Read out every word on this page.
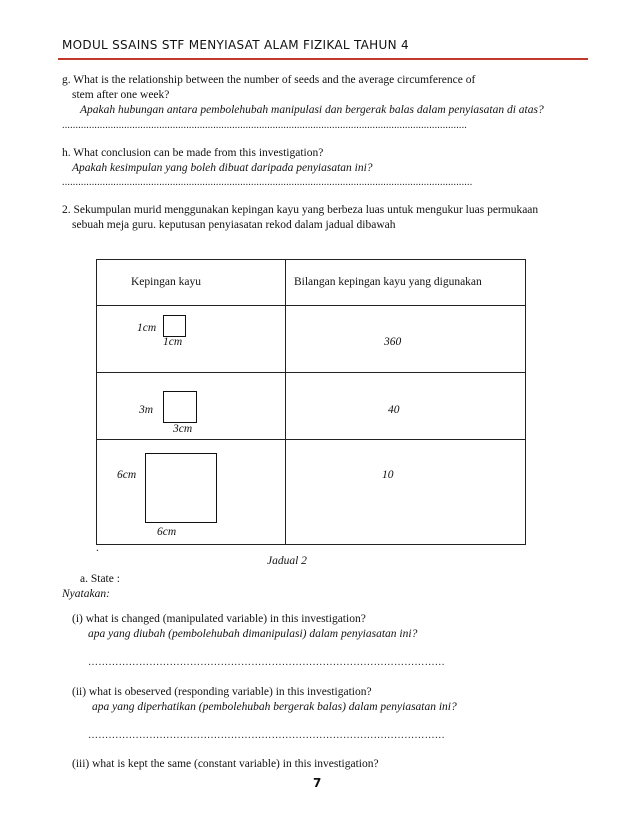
MODUL SSAINS STF MENYIASAT ALAM FIZIKAL TAHUN 4
g. What is the relationship between the number of seeds and the average circumference of
stem after one week?
Apakah hubungan antara pembolehubah manipulasi dan bergerak balas dalam penyiasatan di atas?
......................................................................................................................................................
h. What conclusion can be made from this investigation?
Apakah kesimpulan yang boleh dibuat daripada penyiasatan ini?
........................................................................................................................................................
2. Sekumpulan murid menggunakan kepingan kayu yang berbeza luas untuk mengukur luas permukaan
sebuah meja guru. keputusan penyiasatan rekod dalam jadual dibawah
Kepingan kayu	Bilangan kepingan kayu yang digunakan

1cm
1cm	360

3m
3cm	40

6cm
6cm	10
.
Jadual 2
a. State :
Nyatakan:
(i) what is changed (manipulated variable) in this investigation?
apa yang diubah (pembolehubah dimanipulasi) dalam penyiasatan ini?
……………………………………………………………………………………………
(ii) what is obeserved (responding variable) in this investigation?
apa yang diperhatikan (pembolehubah bergerak balas) dalam penyiasatan ini?
……………………………………………………………………………………………
(iii) what is kept the same (constant variable) in this investigation?
7
